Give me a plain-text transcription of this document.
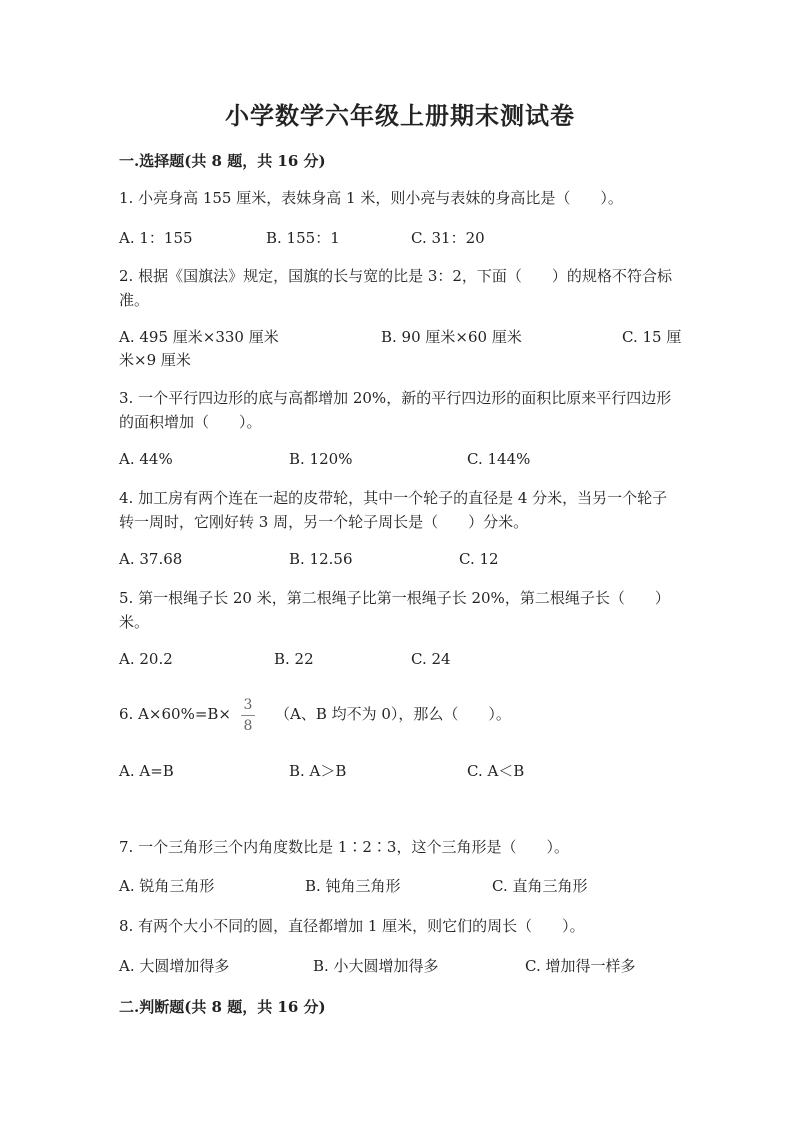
小学数学六年级上册期末测试卷
一.选择题(共 8 题，共 16 分)
1. 小亮身高 155 厘米，表妹身高 1 米，则小亮与表妹的身高比是（　　）。
A. 1：155	B. 155：1	C. 31：20
2. 根据《国旗法》规定，国旗的长与宽的比是 3：2，下面（　　）的规格不符合标准。
A. 495 厘米×330 厘米	B. 90 厘米×60 厘米	C. 15 厘
米×9 厘米
3. 一个平行四边形的底与高都增加 20%，新的平行四边形的面积比原来平行四边形的面积增加（　　）。
A. 44%	B. 120%	C. 144%
4. 加工房有两个连在一起的皮带轮，其中一个轮子的直径是 4 分米，当另一个轮子转一周时，它刚好转 3 周，另一个轮子周长是（　　）分米。
A. 37.68	B. 12.56	C. 12
5. 第一根绳子长 20 米，第二根绳子比第一根绳子长 20%，第二根绳子长（　　）米。
A. 20.2	B. 22	C. 24
6. A×60%=B× 3
8
（A、B 均不为 0），那么（　　）。
A. A=B	B. A＞B	C. A＜B
7. 一个三角形三个内角度数比是 1∶2∶3，这个三角形是（　　）。
A. 锐角三角形	B. 钝角三角形	C. 直角三角形
8. 有两个大小不同的圆，直径都增加 1 厘米，则它们的周长（　　）。
A. 大圆增加得多	B. 小大圆增加得多	C. 增加得一样多
二.判断题(共 8 题，共 16 分)
